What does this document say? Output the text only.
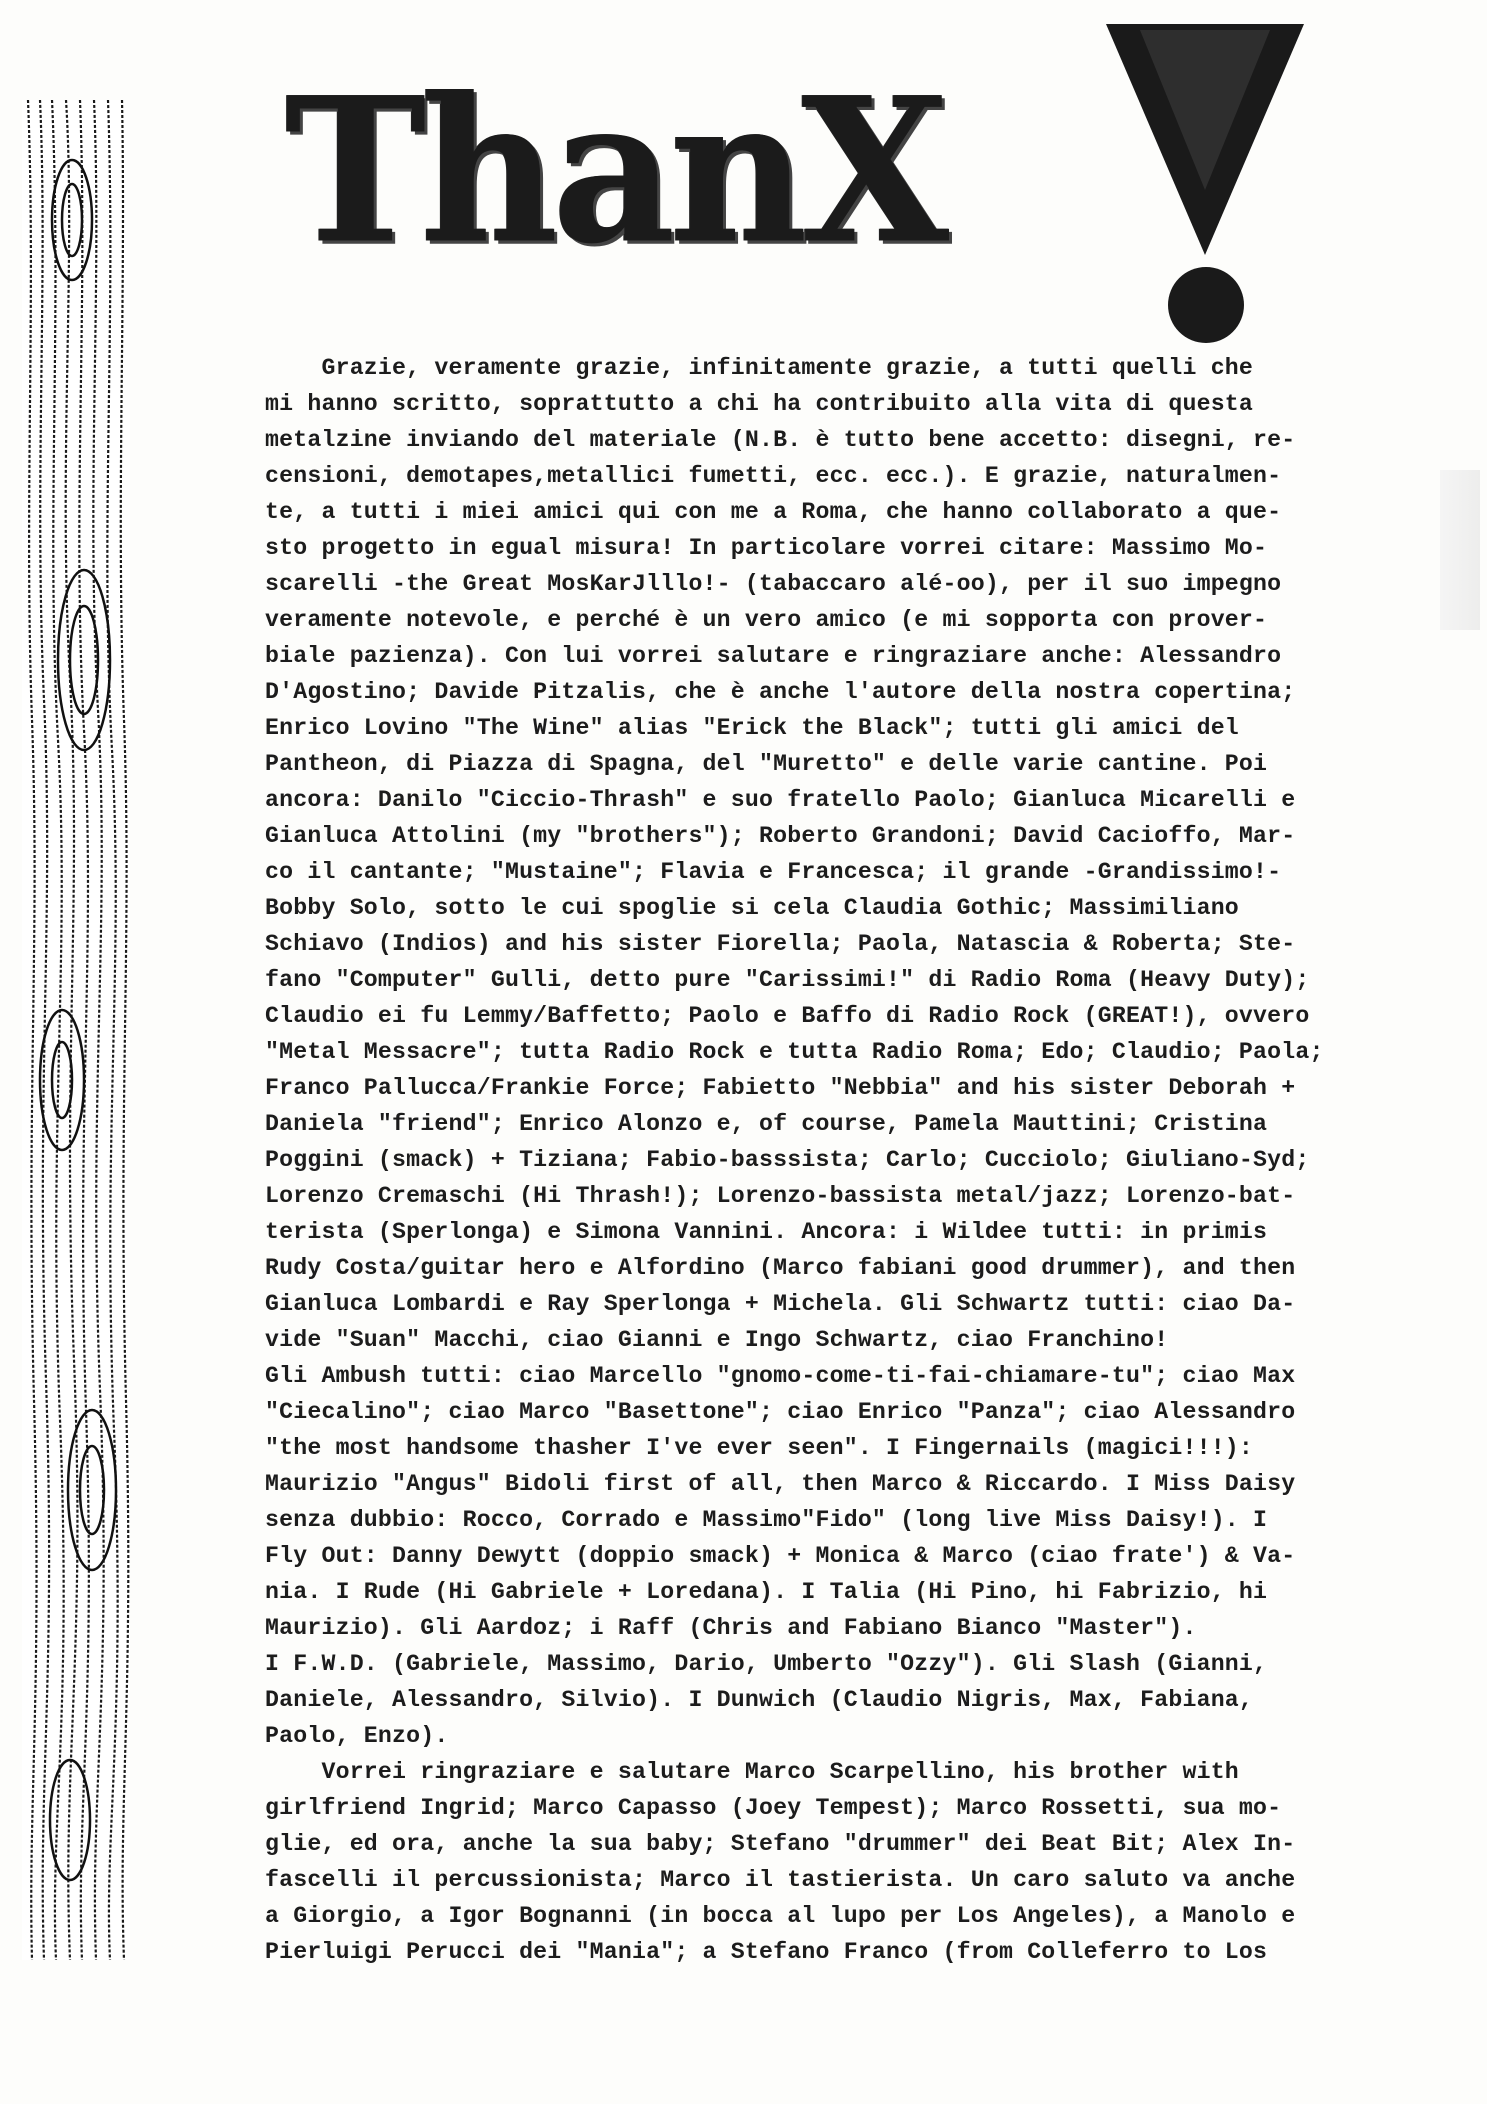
ThanX
Grazie, veramente grazie, infinitamente grazie, a tutti quelli che
mi hanno scritto, soprattutto a chi ha contribuito alla vita di questa
metalzine inviando del materiale (N.B. è tutto bene accetto: disegni, re-
censioni, demotapes,metallici fumetti, ecc. ecc.). E grazie, naturalmen-
te, a tutti i miei amici qui con me a Roma, che hanno collaborato a que-
sto progetto in egual misura! In particolare vorrei citare: Massimo Mo-
scarelli -the Great MosKarJlllo!- (tabaccaro alé-oo), per il suo impegno
veramente notevole, e perché è un vero amico (e mi sopporta con prover-
biale pazienza). Con lui vorrei salutare e ringraziare anche: Alessandro
D'Agostino; Davide Pitzalis, che è anche l'autore della nostra copertina;
Enrico Lovino "The Wine" alias "Erick the Black"; tutti gli amici del
Pantheon, di Piazza di Spagna, del "Muretto" e delle varie cantine. Poi
ancora: Danilo "Ciccio-Thrash" e suo fratello Paolo; Gianluca Micarelli e
Gianluca Attolini (my "brothers"); Roberto Grandoni; David Cacioffo, Mar-
co il cantante; "Mustaine"; Flavia e Francesca; il grande -Grandissimo!-
Bobby Solo, sotto le cui spoglie si cela Claudia Gothic; Massimiliano
Schiavo (Indios) and his sister Fiorella; Paola, Natascia & Roberta; Ste-
fano "Computer" Gulli, detto pure "Carissimi!" di Radio Roma (Heavy Duty);
Claudio ei fu Lemmy/Baffetto; Paolo e Baffo di Radio Rock (GREAT!), ovvero
"Metal Messacre"; tutta Radio Rock e tutta Radio Roma; Edo; Claudio; Paola;
Franco Pallucca/Frankie Force; Fabietto "Nebbia" and his sister Deborah +
Daniela "friend"; Enrico Alonzo e, of course, Pamela Mauttini; Cristina
Poggini (smack) + Tiziana; Fabio-basssista; Carlo; Cucciolo; Giuliano-Syd;
Lorenzo Cremaschi (Hi Thrash!); Lorenzo-bassista metal/jazz; Lorenzo-bat-
terista (Sperlonga) e Simona Vannini. Ancora: i Wildee tutti: in primis
Rudy Costa/guitar hero e Alfordino (Marco fabiani good drummer), and then
Gianluca Lombardi e Ray Sperlonga + Michela. Gli Schwartz tutti: ciao Da-
vide "Suan" Macchi, ciao Gianni e Ingo Schwartz, ciao Franchino!
Gli Ambush tutti: ciao Marcello "gnomo-come-ti-fai-chiamare-tu"; ciao Max
"Ciecalino"; ciao Marco "Basettone"; ciao Enrico "Panza"; ciao Alessandro
"the most handsome thasher I've ever seen". I Fingernails (magici!!!):
Maurizio "Angus" Bidoli first of all, then Marco & Riccardo. I Miss Daisy
senza dubbio: Rocco, Corrado e Massimo"Fido" (long live Miss Daisy!). I
Fly Out: Danny Dewytt (doppio smack) + Monica & Marco (ciao frate') & Va-
nia. I Rude (Hi Gabriele + Loredana). I Talia (Hi Pino, hi Fabrizio, hi
Maurizio). Gli Aardoz; i Raff (Chris and Fabiano Bianco "Master").
I F.W.D. (Gabriele, Massimo, Dario, Umberto "Ozzy"). Gli Slash (Gianni,
Daniele, Alessandro, Silvio). I Dunwich (Claudio Nigris, Max, Fabiana,
Paolo, Enzo).
Vorrei ringraziare e salutare Marco Scarpellino, his brother with
girlfriend Ingrid; Marco Capasso (Joey Tempest); Marco Rossetti, sua mo-
glie, ed ora, anche la sua baby; Stefano "drummer" dei Beat Bit; Alex In-
fascelli il percussionista; Marco il tastierista. Un caro saluto va anche
a Giorgio, a Igor Bognanni (in bocca al lupo per Los Angeles), a Manolo e
Pierluigi Perucci dei "Mania"; a Stefano Franco (from Colleferro to Los
